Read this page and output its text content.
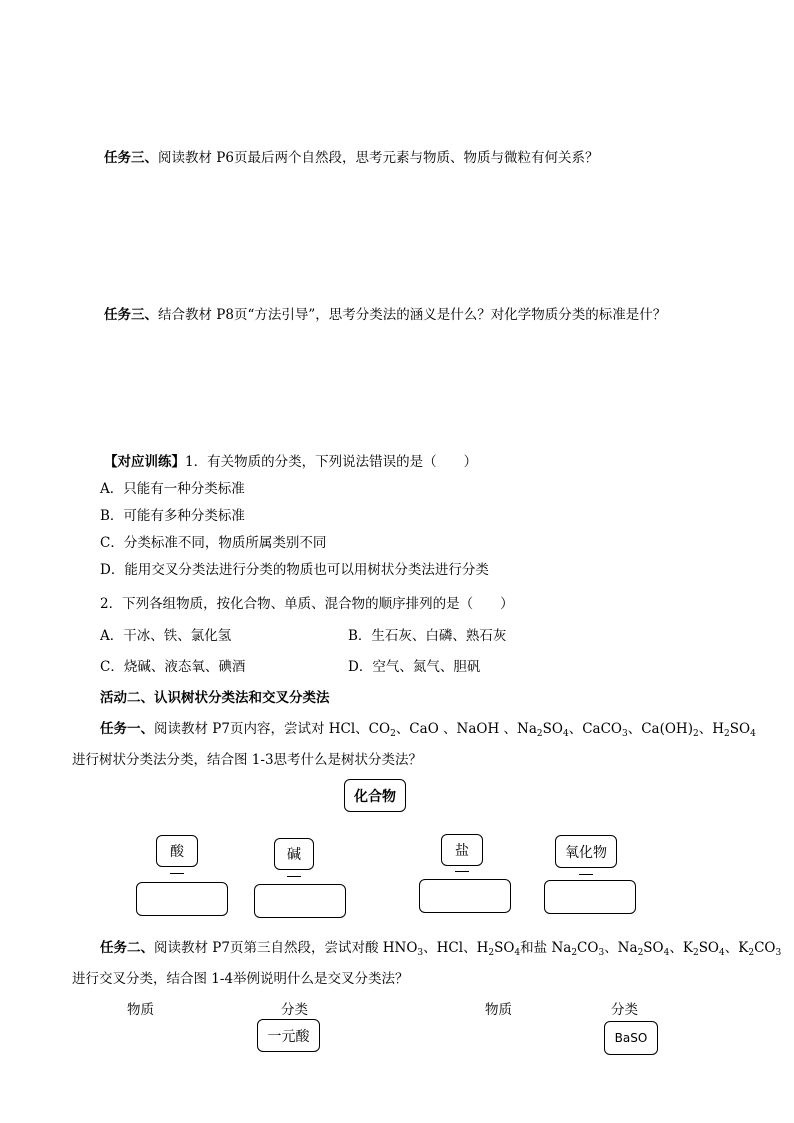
任务三、阅读教材 P6页最后两个自然段，思考元素与物质、物质与微粒有何关系？
任务三、结合教材 P8页“方法引导”，思考分类法的涵义是什么？对化学物质分类的标准是什？
【对应训练】1．有关物质的分类，下列说法错误的是（　　）
A．只能有一种分类标准
B．可能有多种分类标准
C．分类标准不同，物质所属类别不同
D．能用交叉分类法进行分类的物质也可以用树状分类法进行分类
2．下列各组物质，按化合物、单质、混合物的顺序排列的是（　　）
A．干冰、铁、氯化氢	B．生石灰、白磷、熟石灰
C．烧碱、液态氧、碘酒	D．空气、氮气、胆矾
活动二、认识树状分类法和交叉分类法
任务一、阅读教材 P7页内容，尝试对 HCl、$CO_2$、CaO 、NaOH 、$Na_2SO_4$、CaCO$_3$、$Ca(OH)_2$、$H_2SO_4$
进行树状分类法分类，结合图 1-3思考什么是树状分类法？
化合物
酸	碱	盐	氧化物
任务二、阅读教材 P7页第三自然段，尝试对酸 $HNO_3$、HCl、$H_2SO_4$和盐 $Na_2CO_3$、$Na_2SO_4$、$K_2SO_4$、$K_2CO_3$
进行交叉分类，结合图 1-4举例说明什么是交叉分类法？
物质	分类
一元酸
物质	分类
BaSO
